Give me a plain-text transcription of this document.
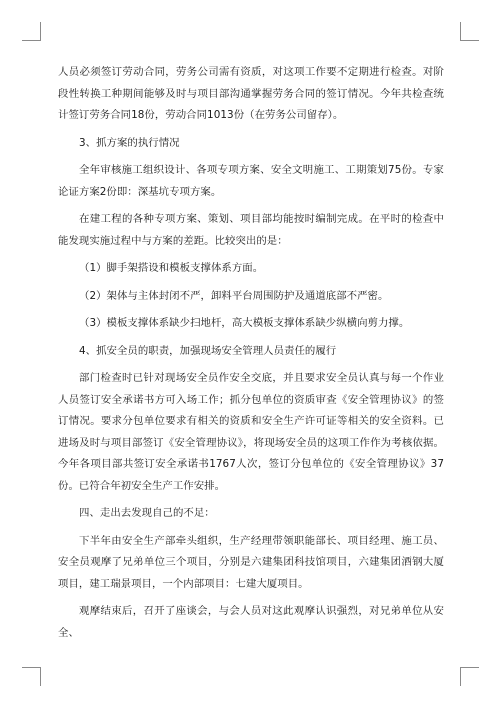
人员必须签订劳动合同，劳务公司需有资质，对这项工作要不定期进行检查。对阶段性转换工种期间能够及时与项目部沟通掌握劳务合同的签订情况。今年共检查统计签订劳务合同18份，劳动合同1013份（在劳务公司留存）。

3、抓方案的执行情况

全年审核施工组织设计、各项专项方案、安全文明施工、工期策划75份。专家论证方案2份即：深基坑专项方案。

在建工程的各种专项方案、策划、项目部均能按时编制完成。在平时的检查中能发现实施过程中与方案的差距。比较突出的是：

（1）脚手架搭设和模板支撑体系方面。

（2）架体与主体封闭不严，卸料平台周围防护及通道底部不严密。

（3）模板支撑体系缺少扫地杆，高大模板支撑体系缺少纵横向剪力撑。

4、抓安全员的职责，加强现场安全管理人员责任的履行

部门检查时已针对现场安全员作安全交底，并且要求安全员认真与每一个作业人员签订安全承诺书方可入场工作；抓分包单位的资质审查《安全管理协议》的签订情况。要求分包单位要求有相关的资质和安全生产许可证等相关的安全资料。已进场及时与项目部签订《安全管理协议》，将现场安全员的这项工作作为考核依据。今年各项目部共签订安全承诺书1767人次，签订分包单位的《安全管理协议》37份。已符合年初安全生产工作安排。

四、走出去发现自己的不足：

下半年由安全生产部牵头组织，生产经理带领职能部长、项目经理、施工员、安全员观摩了兄弟单位三个项目，分别是六建集团科技馆项目，六建集团酒钢大厦项目，建工瑞景项目，一个内部项目：七建大厦项目。

观摩结束后，召开了座谈会，与会人员对这此观摩认识强烈，对兄弟单位从安全、
